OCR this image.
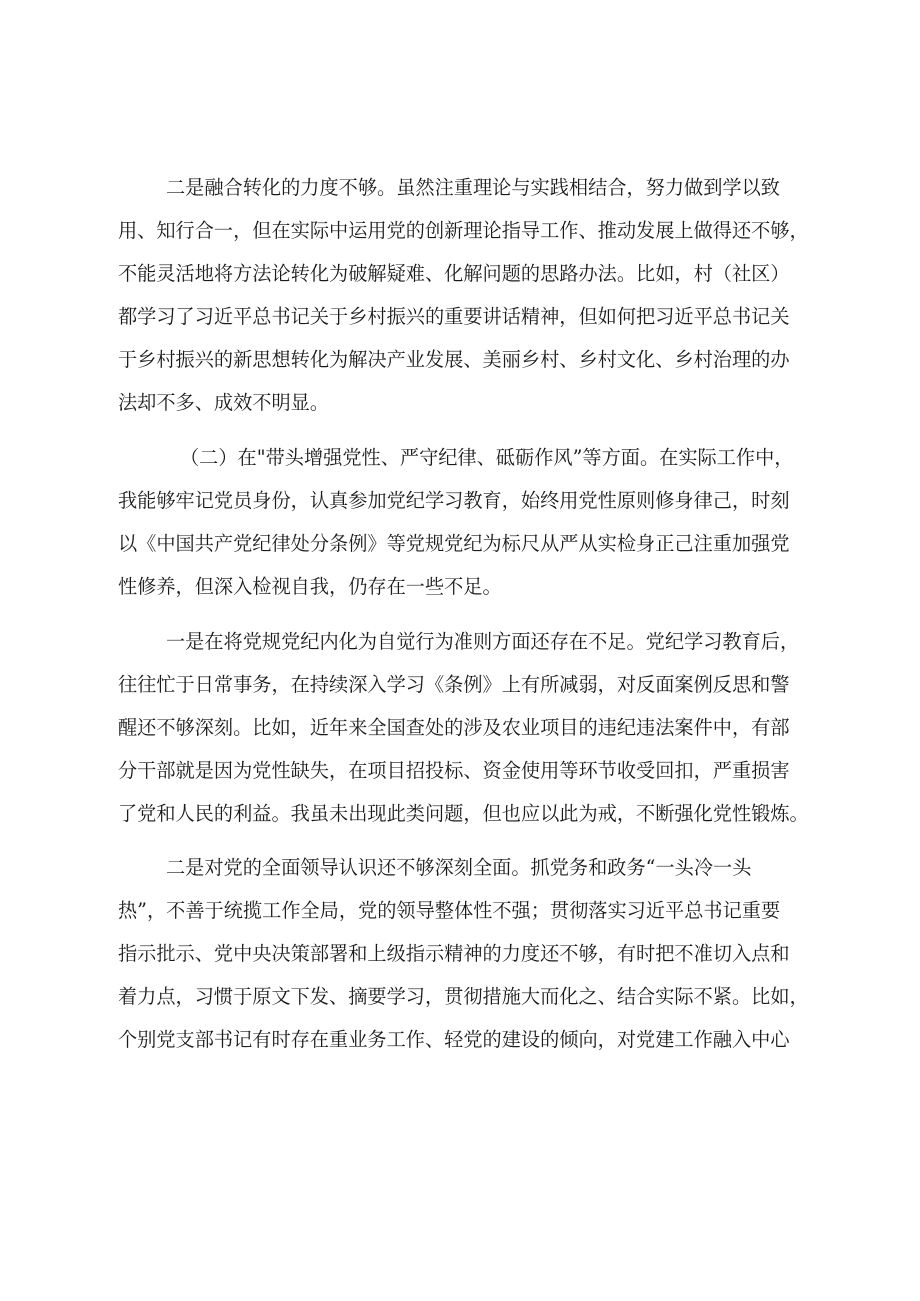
二是融合转化的力度不够。虽然注重理论与实践相结合，努力做到学以致
用、知行合一，但在实际中运用党的创新理论指导工作、推动发展上做得还不够，
不能灵活地将方法论转化为破解疑难、化解问题的思路办法。比如，村（社区）
都学习了习近平总书记关于乡村振兴的重要讲话精神，但如何把习近平总书记关
于乡村振兴的新思想转化为解决产业发展、美丽乡村、乡村文化、乡村治理的办
法却不多、成效不明显。
（二）在"带头增强党性、严守纪律、砥砺作风”等方面。在实际工作中，
我能够牢记党员身份，认真参加党纪学习教育，始终用党性原则修身律己，时刻
以《中国共产党纪律处分条例》等党规党纪为标尺从严从实检身正己注重加强党
性修养，但深入检视自我，仍存在一些不足。
一是在将党规党纪内化为自觉行为准则方面还存在不足。党纪学习教育后，
往往忙于日常事务，在持续深入学习《条例》上有所减弱，对反面案例反思和警
醒还不够深刻。比如，近年来全国查处的涉及农业项目的违纪违法案件中，有部
分干部就是因为党性缺失，在项目招投标、资金使用等环节收受回扣，严重损害
了党和人民的利益。我虽未出现此类问题，但也应以此为戒，不断强化党性锻炼。
二是对党的全面领导认识还不够深刻全面。抓党务和政务“一头冷一头
热”，不善于统揽工作全局，党的领导整体性不强；贯彻落实习近平总书记重要
指示批示、党中央决策部署和上级指示精神的力度还不够，有时把不准切入点和
着力点，习惯于原文下发、摘要学习，贯彻措施大而化之、结合实际不紧。比如，
个别党支部书记有时存在重业务工作、轻党的建设的倾向，对党建工作融入中心
